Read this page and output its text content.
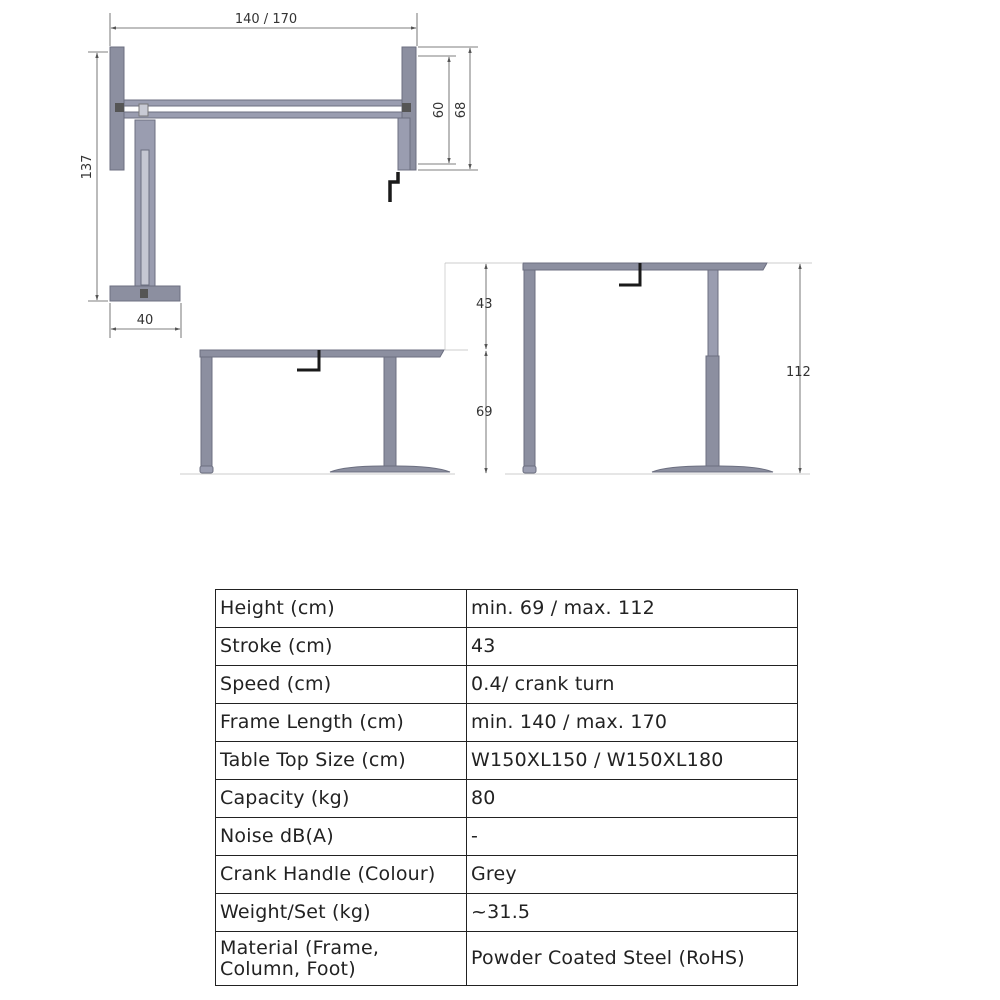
140 / 170
137
40
60 68
43
69
112
Height (cm)	min. 69 / max. 112
Stroke (cm)	43
Speed (cm)	0.4/ crank turn
Frame Length (cm)	min. 140 / max. 170
Table Top Size (cm)	W150XL150 / W150XL180
Capacity (kg)	80
Noise dB(A)	-
Crank Handle (Colour)	Grey
Weight/Set (kg)	~31.5
Material (Frame, Column, Foot)	Powder Coated Steel (RoHS)
